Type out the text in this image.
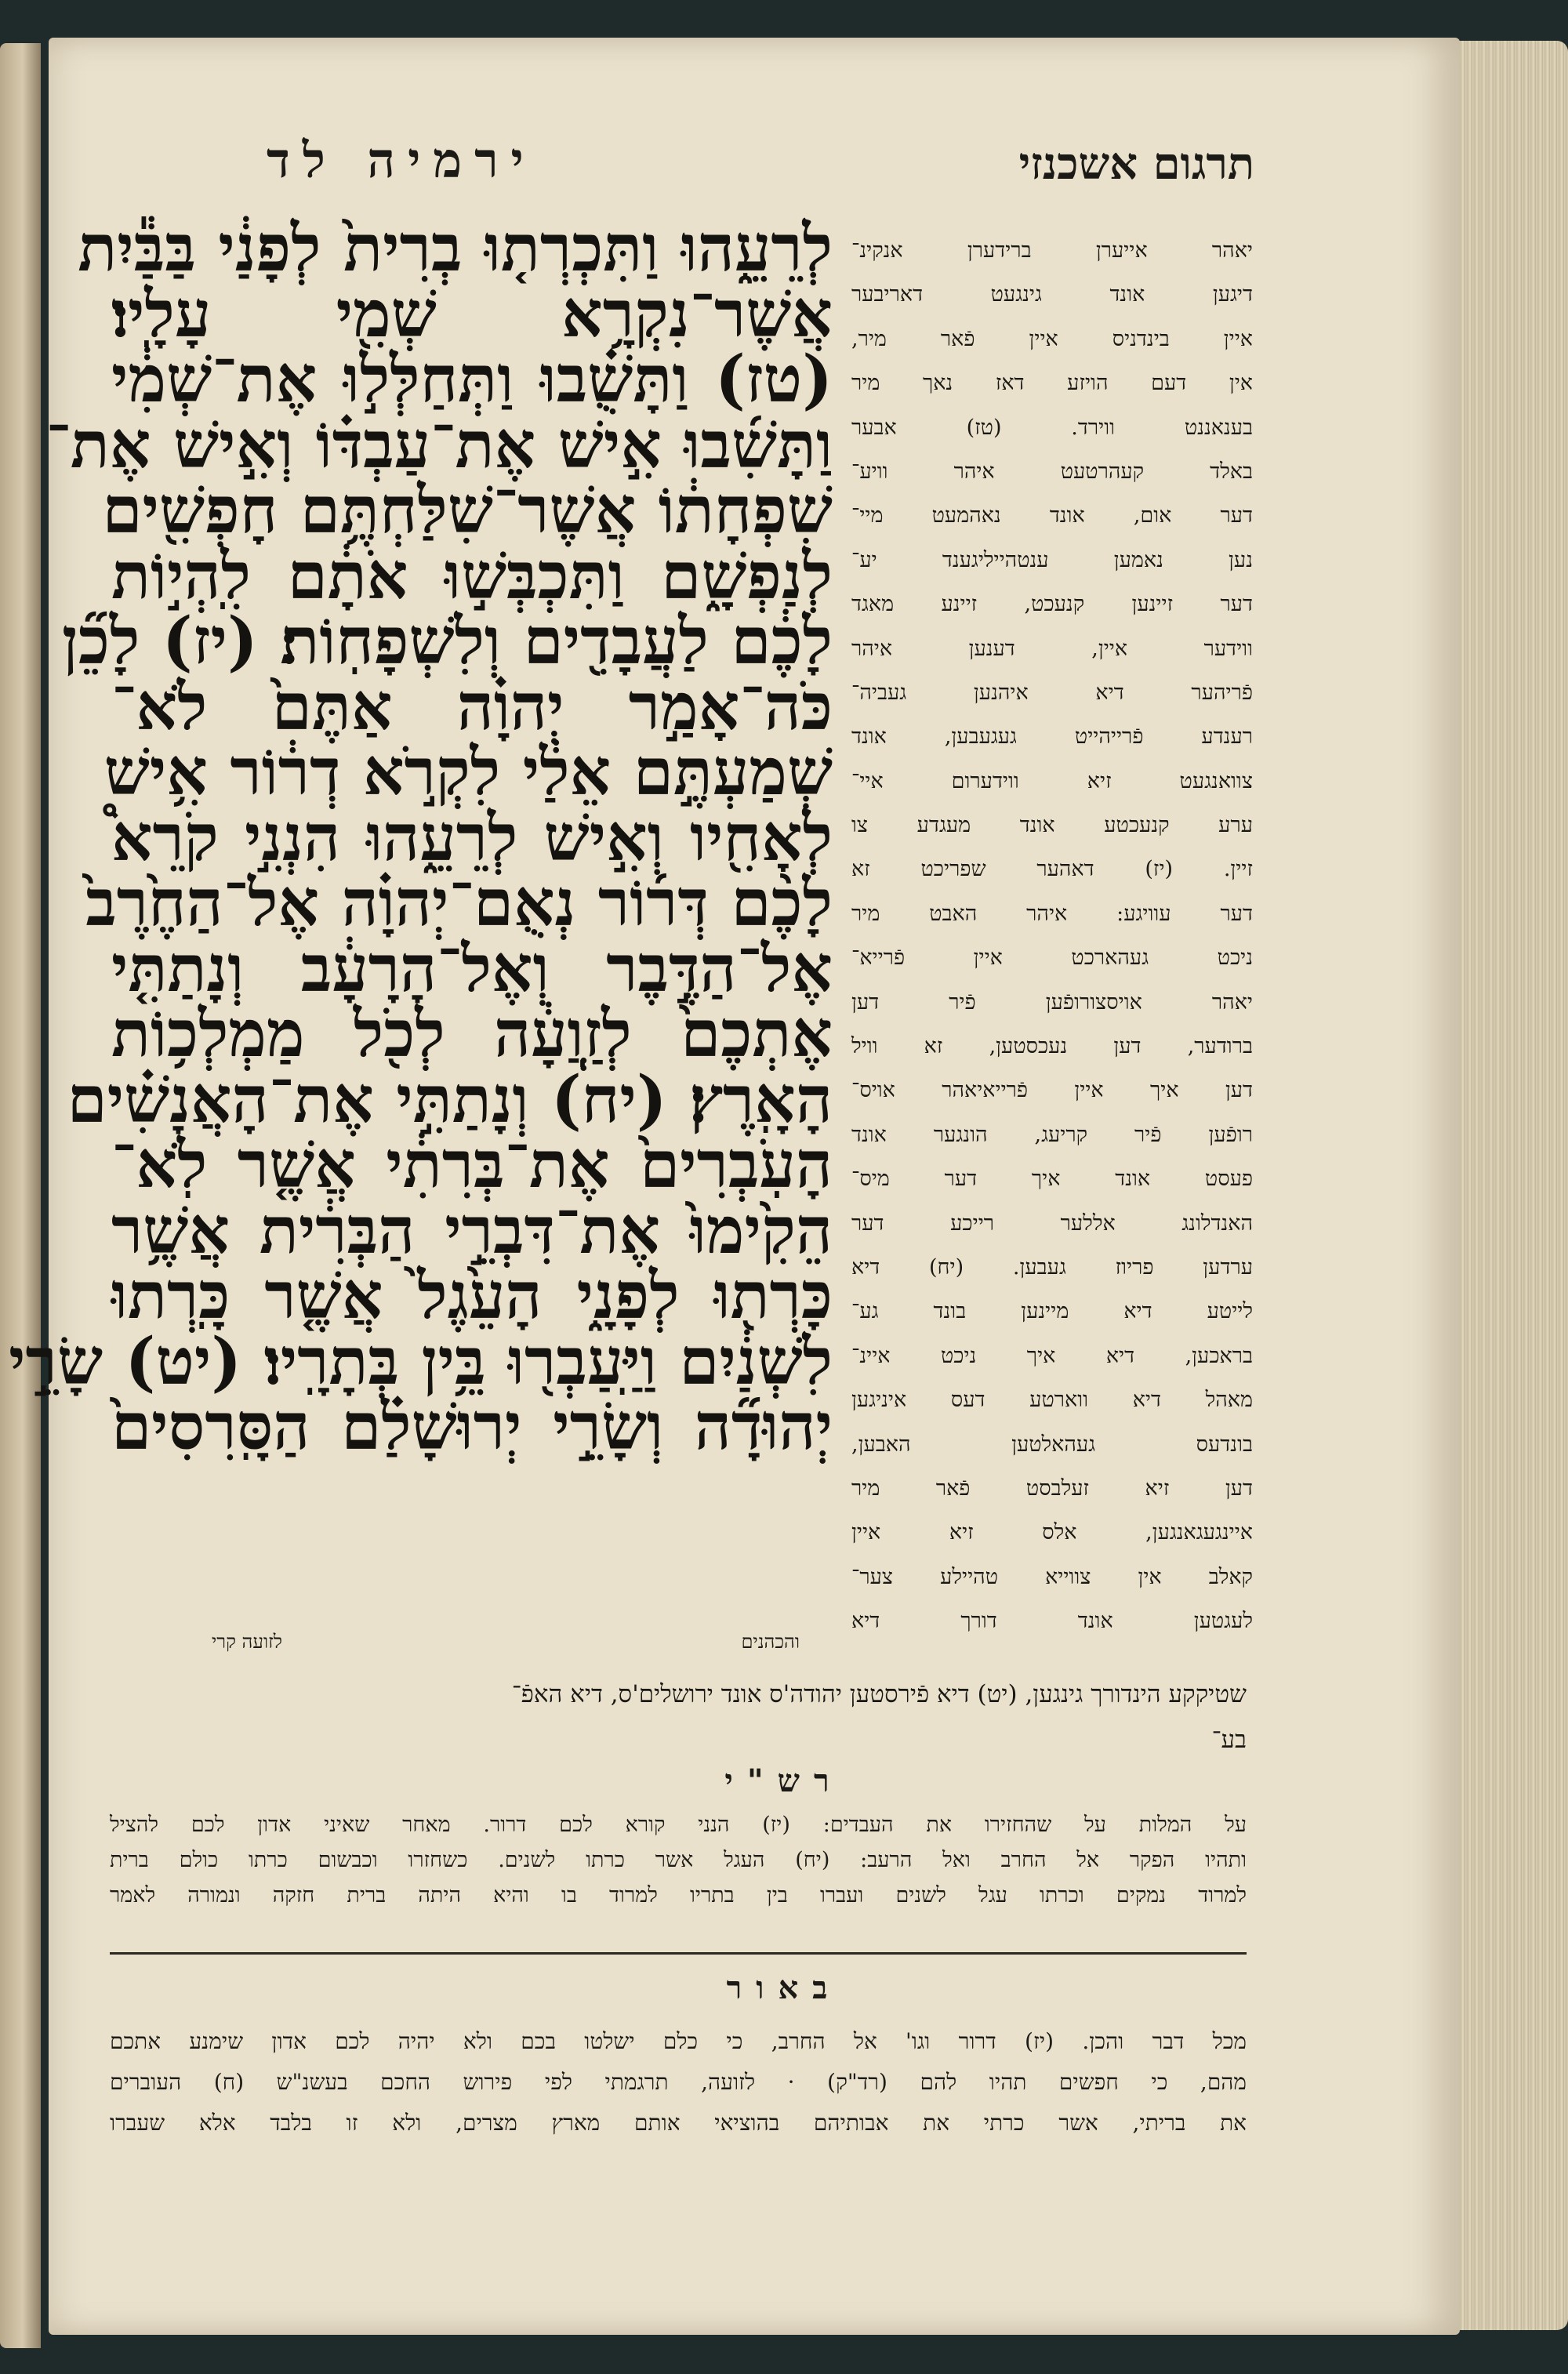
ירמיה לד	תרגום אשכנזי
לְרֵעֵ֑הוּ וַתִּכְרְת֤וּ בְרִית֙ לְפָנַ֔י בַּבַּ֕יִת
אֲשֶׁר־נִקְרָ֥א שְׁמִ֖י עָלָֽיו׃
(טז) וַתָּשֻׁ֗בוּ וַתְּחַלְּל֣וּ אֶת־שְׁמִ֔י
וַתָּשִׁ֜בוּ אִ֣ישׁ אֶת־עַבְדּ֗וֹ וְאִ֣ישׁ אֶת־
שִׁפְחָת֔וֹ אֲשֶׁר־שִׁלַּחְתֶּ֥ם חָפְשִׁ֖ים
לְנַפְשָׁ֑ם וַתִּכְבְּשׁ֣וּ אֹתָ֔ם לִֽהְי֣וֹת
לָכֶ֔ם לַעֲבָדִ֖ים וְלִשְׁפָחֽוֹת׃ (יז) לָכֵ֞ן
כֹּה־אָמַ֣ר יְהוָ֗ה אַתֶּם֙ לֹא־
שְׁמַעְתֶּ֣ם אֵלַ֔י לִקְרֹ֣א דְר֔וֹר אִ֥ישׁ
לְאָחִ֖יו וְאִ֣ישׁ לְרֵעֵ֑הוּ הִנְנִ֣י קֹרֵא֩
לָכֶ֨ם דְּר֜וֹר נְאֻם־יְהוָ֗ה אֶל־הַחֶ֙רֶב֙
אֶל־הַדֶּ֣בֶר וְאֶל־הָרָעָ֔ב וְנָתַתִּ֤י
אֶתְכֶם֙ לְזַֽוֲעָ֔ה לְכֹ֖ל מַמְלְכ֥וֹת
הָאָֽרֶץ׃ (יח) וְנָתַתִּ֣י אֶת־הָאֲנָשִׁ֗ים
הָעֹֽבְרִים֙ אֶת־בְּרִתִ֔י אֲשֶׁ֤ר לֹֽא־
הֵקִ֙ימוּ֙ אֶת־דִּבְרֵ֣י הַבְּרִ֔ית אֲשֶׁ֥ר
כָּרְת֖וּ לְפָנָ֑י הָעֵ֙גֶל֙ אֲשֶׁ֤ר כָּֽרְתוּ
לִשְׁנַ֔יִם וַיַּֽעַבְר֖וּ בֵּ֥ין בְּתָרָֽיו׃ (יט) שָׂרֵ֣י
יְהוּדָ֞ה וְשָׂרֵ֣י יְרוּשָׁלַ֗ם הַסָּֽרִסִים֙
יאהר אייערן ברידערן אנקינ־
דיגען אונד גינגעט דאריבער
איין בינדניס איין פֿאר מיר,
אין דעם הויזע דאז נאך מיר
בענאננט ווירד. (טז) אבער
באלד קעהרטעט איהר וויע־
דער אום, אונד נאהמעט מיי־
נען נאמען ענטהייליגענד יע־
דער זיינען קנעכט, זיינע מאגד
ווידער איין, דענען איהר
פֿריהער דיא איהנען געביה־
רענדע פֿרייהייט געגעבען, אונד
צוואנגעט זיא ווידערום איי־
ערע קנעכטע אונד מעגדע צו
זיין. (יז) דאהער שפריכט זא
דער עוויגע: איהר האבט מיר
ניכט געהארכט איין פֿרייא־
יאהר אויסצורופֿען פֿיר דען
ברודער, דען נעכסטען, זא וויל
דען איך איין פֿרייאיאהר אויס־
רופֿען פֿיר קריעג, הונגער אונד
פעסט אונד איך דער מיס־
האנדלונג אללער רייכע דער
ערדען פריוז געבען. (יח) דיא
לייטע דיא מיינען בונד גע־
בראכען, דיא איך ניכט איינ־
מאהל דיא ווארטע דעס איניגען
בונדעס געהאלטען האבען,
דען זיא זעלבסט פֿאר מיר
איינגעגאנגען, אלס זיא איין
קאלב אין צווייא טהיילע צער־
לעגטען אונד דורך דיא
לזועה קרי	והכהנים
שטיקקע הינדורך גינגען, (יט) דיא פֿירסטען יהודה'ס אונד ירושלים'ס, דיא האפֿ־
בע־
רש"י
על המלות על שהחזירו את העבדים: (יז) הנני קורא לכם דרור. מאחר שאיני אדון לכם להציל
ותהיו הפקר אל החרב ואל הרעב: (יח) העגל אשר כרתו לשנים. כשחזרו וכבשום כרתו כולם ברית
למרוד נמקים וכרתו עגל לשנים ועברו בין בתריו למרוד בו והיא היתה ברית חזקה ונמורה לאמר
באור
מכל דבר והכן. (יז) דרור וגו' אל החרב, כי כלם ישלטו בכם ולא יהיה לכם אדון שימנע אתכם
מהם, כי חפשים תהיו להם (רד"ק) · לזועה, תרגמתי לפי פירוש החכם בעשנ"ש (ח) העוברים
את בריתי, אשר כרתי את אבותיהם בהוציאי אותם מארץ מצרים, ולא זו בלבד אלא שעברו
